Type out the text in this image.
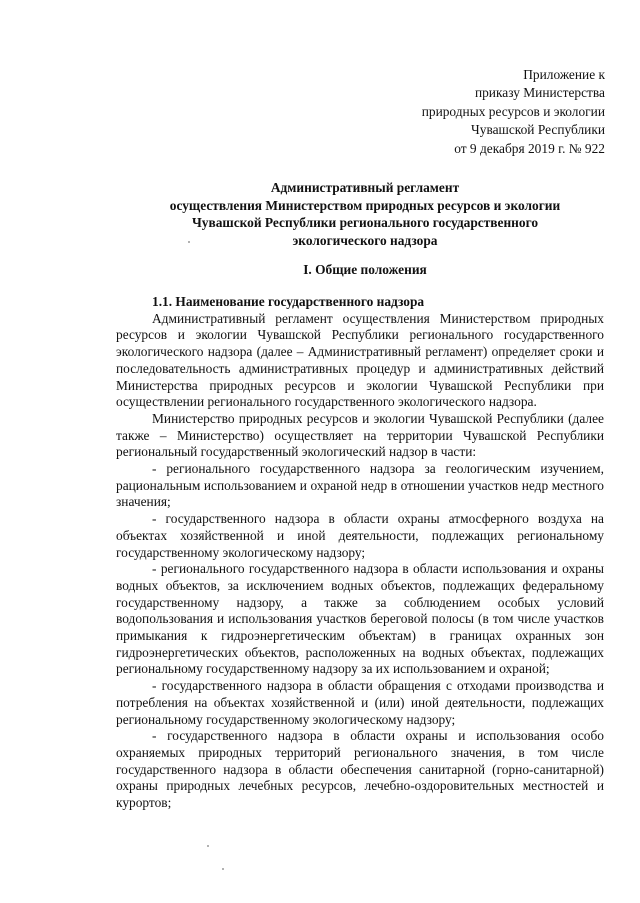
Приложение к
приказу Министерства
природных ресурсов и экологии
Чувашской Республики
от 9 декабря 2019 г. № 922
Административный регламент
осуществления Министерством природных ресурсов и экологии
Чувашской Республики регионального государственного
экологического надзора
I. Общие положения

1.1. Наименование государственного надзора

Административный регламент осуществления Министерством природных ресурсов и экологии Чувашской Республики регионального государственного экологического надзора (далее – Административный регламент) определяет сроки и последовательность административных процедур и административных действий Министерства природных ресурсов и экологии Чувашской Республики при осуществлении регионального государственного экологического надзора.

Министерство природных ресурсов и экологии Чувашской Республики (далее также – Министерство) осуществляет на территории Чувашской Республики региональный государственный экологический надзор в части:

- регионального государственного надзора за геологическим изучением, рациональным использованием и охраной недр в отношении участков недр местного значения;

- государственного надзора в области охраны атмосферного воздуха на объектах хозяйственной и иной деятельности, подлежащих региональному государственному экологическому надзору;

- регионального государственного надзора в области использования и охраны водных объектов, за исключением водных объектов, подлежащих федеральному государственному надзору, а также за соблюдением особых условий водопользования и использования участков береговой полосы (в том числе участков примыкания к гидроэнергетическим объектам) в границах охранных зон гидроэнергетических объектов, расположенных на водных объектах, подлежащих региональному государственному надзору за их использованием и охраной;

- государственного надзора в области обращения с отходами производства и потребления на объектах хозяйственной и (или) иной деятельности, подлежащих региональному государственному экологическому надзору;

- государственного надзора в области охраны и использования особо охраняемых природных территорий регионального значения, в том числе государственного надзора в области обеспечения санитарной (горно-санитарной) охраны природных лечебных ресурсов, лечебно-оздоровительных местностей и курортов;
